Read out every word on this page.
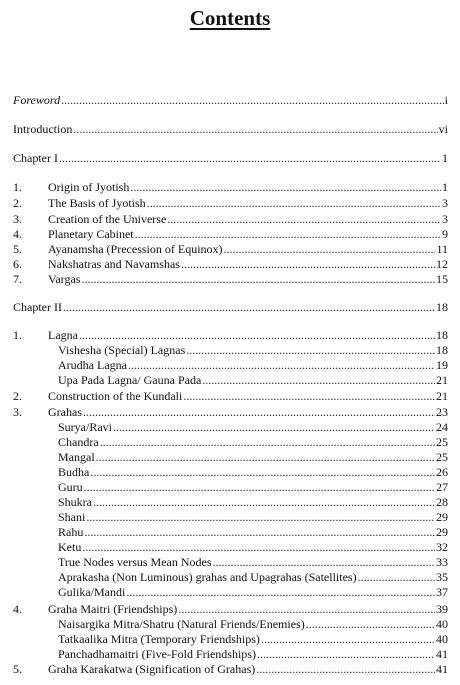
Contents
Foreword .....	i
Introduction .....	vi
Chapter I .....	1
1. Origin of Jyotish .....	1
2. The Basis of Jyotish .....	3
3. Creation of the Universe .....	3
4. Planetary Cabinet .....	9
5. Ayanamsha (Precession of Equinox) .....	11
6. Nakshatras and Navamshas .....	12
7. Vargas .....	15
Chapter II .....	18
1. Lagna .....	18
Vishesha (Special) Lagnas .....	18
Arudha Lagna .....	19
Upa Pada Lagna/ Gauna Pada .....	21
2. Construction of the Kundali .....	21
3. Grahas .....	23
Surya/Ravi .....	24
Chandra .....	25
Mangal .....	25
Budha .....	26
Guru .....	27
Shukra .....	28
Shani .....	29
Rahu .....	29
Ketu .....	32
True Nodes versus Mean Nodes .....	33
Aprakasha (Non Luminous) grahas and Upagrahas (Satellites) .....	35
Gulika/Mandi .....	37
4. Graha Maitri (Friendships) .....	39
Naisargika Mitra/Shatru (Natural Friends/Enemies) .....	40
Tatkaalika Mitra (Temporary Friendships) .....	40
Panchadhamaitri (Five-Fold Friendships) .....	41
5. Graha Karakatwa (Signification of Grahas) .....	41
